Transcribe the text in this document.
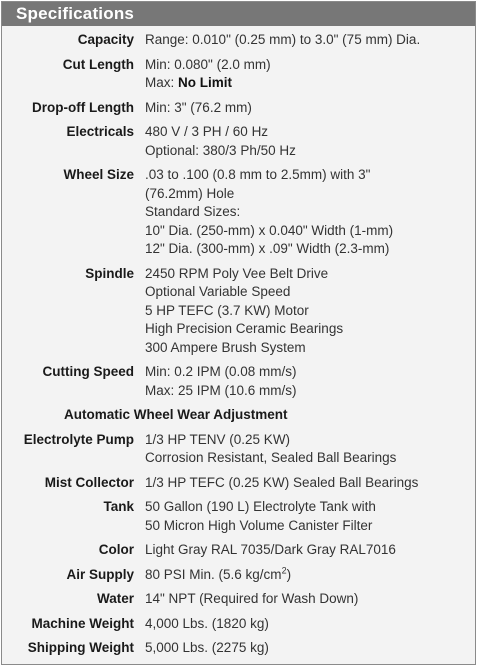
Specifications
Capacity Range: 0.010" (0.25 mm) to 3.0" (75 mm) Dia.
Cut Length Min: 0.080" (2.0 mm)
Max: No Limit
Drop-off Length Min: 3" (76.2 mm)
Electricals 480 V / 3 PH / 60 Hz
Optional: 380/3 Ph/50 Hz
Wheel Size .03 to .100 (0.8 mm to 2.5mm) with 3"
(76.2mm) Hole
Standard Sizes:
10" Dia. (250-mm) x 0.040" Width (1-mm)
12" Dia. (300-mm) x .09" Width (2.3-mm)
Spindle 2450 RPM Poly Vee Belt Drive
Optional Variable Speed
5 HP TEFC (3.7 KW) Motor
High Precision Ceramic Bearings
300 Ampere Brush System
Cutting Speed Min: 0.2 IPM (0.08 mm/s)
Max: 25 IPM (10.6 mm/s)
Automatic Wheel Wear Adjustment
Electrolyte Pump 1/3 HP TENV (0.25 KW)
Corrosion Resistant, Sealed Ball Bearings
Mist Collector 1/3 HP TEFC (0.25 KW) Sealed Ball Bearings
Tank 50 Gallon (190 L) Electrolyte Tank with
50 Micron High Volume Canister Filter
Color Light Gray RAL 7035/Dark Gray RAL7016
Air Supply 80 PSI Min. (5.6 $kg/cm^2$)
Water 14" NPT (Required for Wash Down)
Machine Weight 4,000 Lbs. (1820 kg)
Shipping Weight 5,000 Lbs. (2275 kg)
